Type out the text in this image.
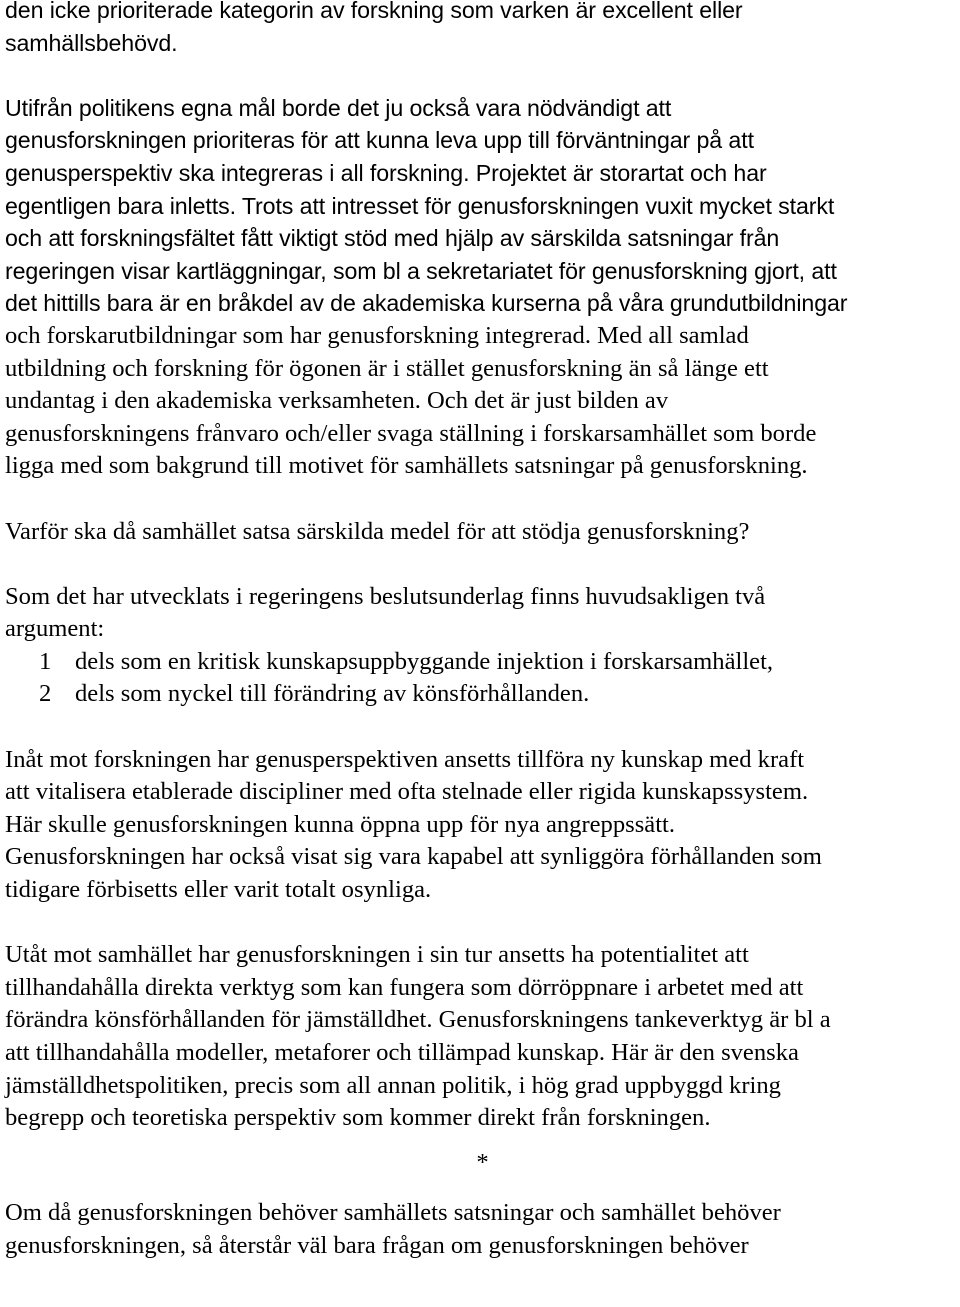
den icke prioriterade kategorin av forskning som varken är excellent eller
samhällsbehövd.

Utifrån politikens egna mål borde det ju också vara nödvändigt att
genusforskningen prioriteras för att kunna leva upp till förväntningar på att
genusperspektiv ska integreras i all forskning. Projektet är storartat och har
egentligen bara inletts. Trots att intresset för genusforskningen vuxit mycket starkt
och att forskningsfältet fått viktigt stöd med hjälp av särskilda satsningar från
regeringen visar kartläggningar, som bl a sekretariatet för genusforskning gjort, att
det hittills bara är en bråkdel av de akademiska kurserna på våra grundutbildningar
och forskarutbildningar som har genusforskning integrerad. Med all samlad
utbildning och forskning för ögonen är i stället genusforskning än så länge ett
undantag i den akademiska verksamheten. Och det är just bilden av
genusforskningens frånvaro och/eller svaga ställning i forskarsamhället som borde
ligga med som bakgrund till motivet för samhällets satsningar på genusforskning.

Varför ska då samhället satsa särskilda medel för att stödja genusforskning?

Som det har utvecklats i regeringens beslutsunderlag finns huvudsakligen två
argument:
1 dels som en kritisk kunskapsuppbyggande injektion i forskarsamhället,
2 dels som nyckel till förändring av könsförhållanden.
Inåt mot forskningen har genusperspektiven ansetts tillföra ny kunskap med kraft
att vitalisera etablerade discipliner med ofta stelnade eller rigida kunskapssystem.
Här skulle genusforskningen kunna öppna upp för nya angreppssätt.
Genusforskningen har också visat sig vara kapabel att synliggöra förhållanden som
tidigare förbisetts eller varit totalt osynliga.
Utåt mot samhället har genusforskningen i sin tur ansetts ha potentialitet att
tillhandahålla direkta verktyg som kan fungera som dörröppnare i arbetet med att
förändra könsförhållanden för jämställdhet. Genusforskningens tankeverktyg är bl a
att tillhandahålla modeller, metaforer och tillämpad kunskap. Här är den svenska
jämställdhetspolitiken, precis som all annan politik, i hög grad uppbyggd kring
begrepp och teoretiska perspektiv som kommer direkt från forskningen.
*
Om då genusforskningen behöver samhällets satsningar och samhället behöver
genusforskningen, så återstår väl bara frågan om genusforskningen behöver
